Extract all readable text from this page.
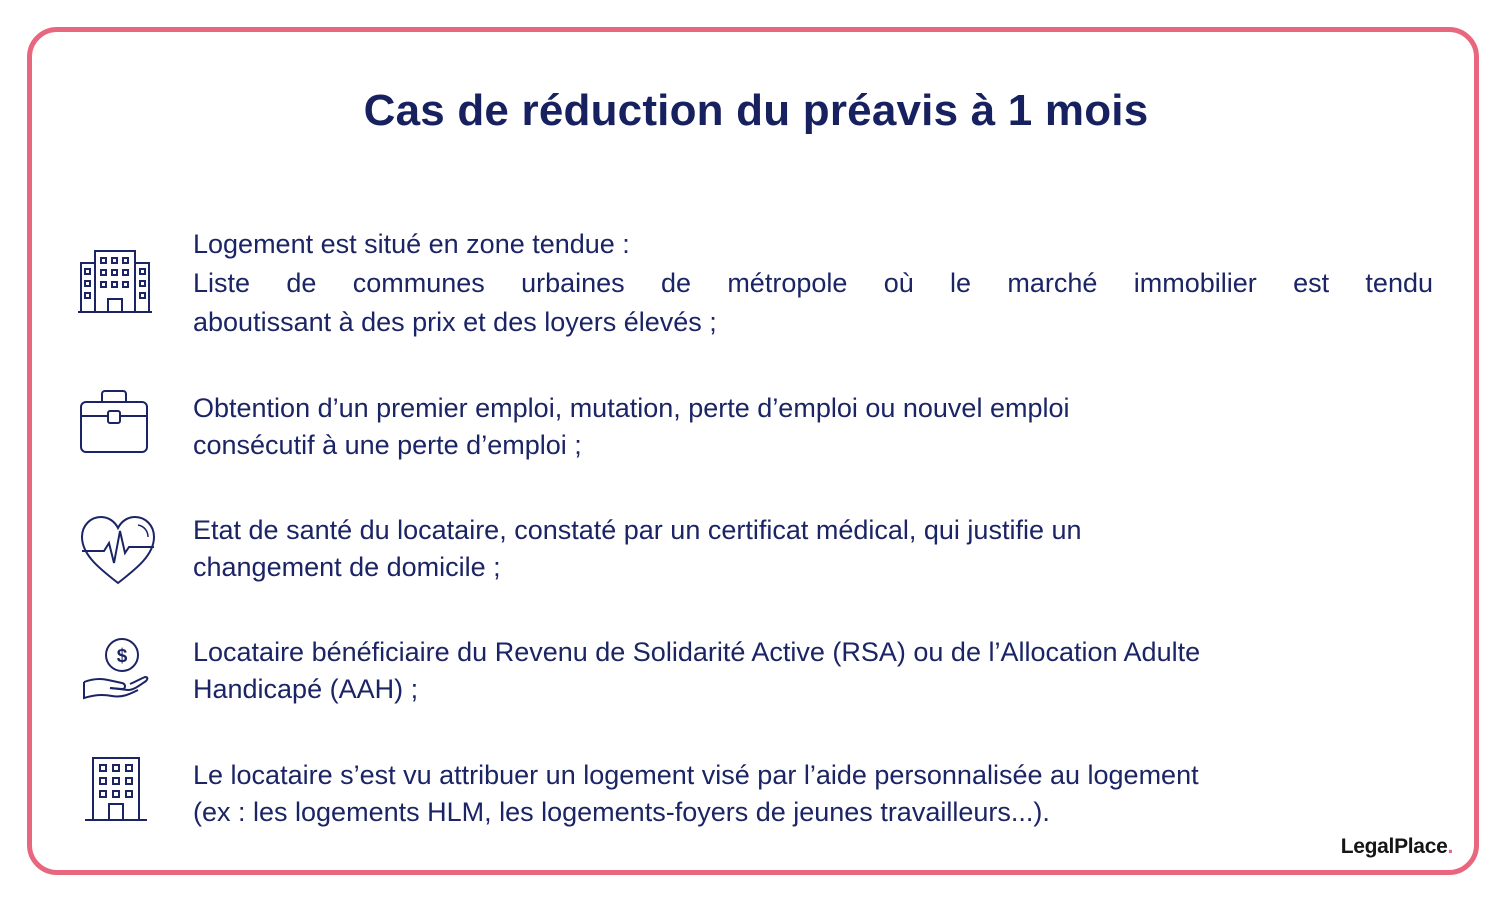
Cas de réduction du préavis à 1 mois
Logement est situé en zone tendue :
Liste de communes urbaines de métropole où le marché immobilier est tendu
aboutissant à des prix et des loyers élevés ;
Obtention d’un premier emploi, mutation, perte d’emploi ou nouvel emploi
consécutif à une perte d’emploi ;
Etat de santé du locataire, constaté par un certificat médical, qui justifie un
changement de domicile ;
$ Locataire bénéficiaire du Revenu de Solidarité Active (RSA) ou de l’Allocation Adulte
Handicapé (AAH) ;
Le locataire s’est vu attribuer un logement visé par l’aide personnalisée au logement
(ex : les logements HLM, les logements-foyers de jeunes travailleurs...).
LegalPlace.
